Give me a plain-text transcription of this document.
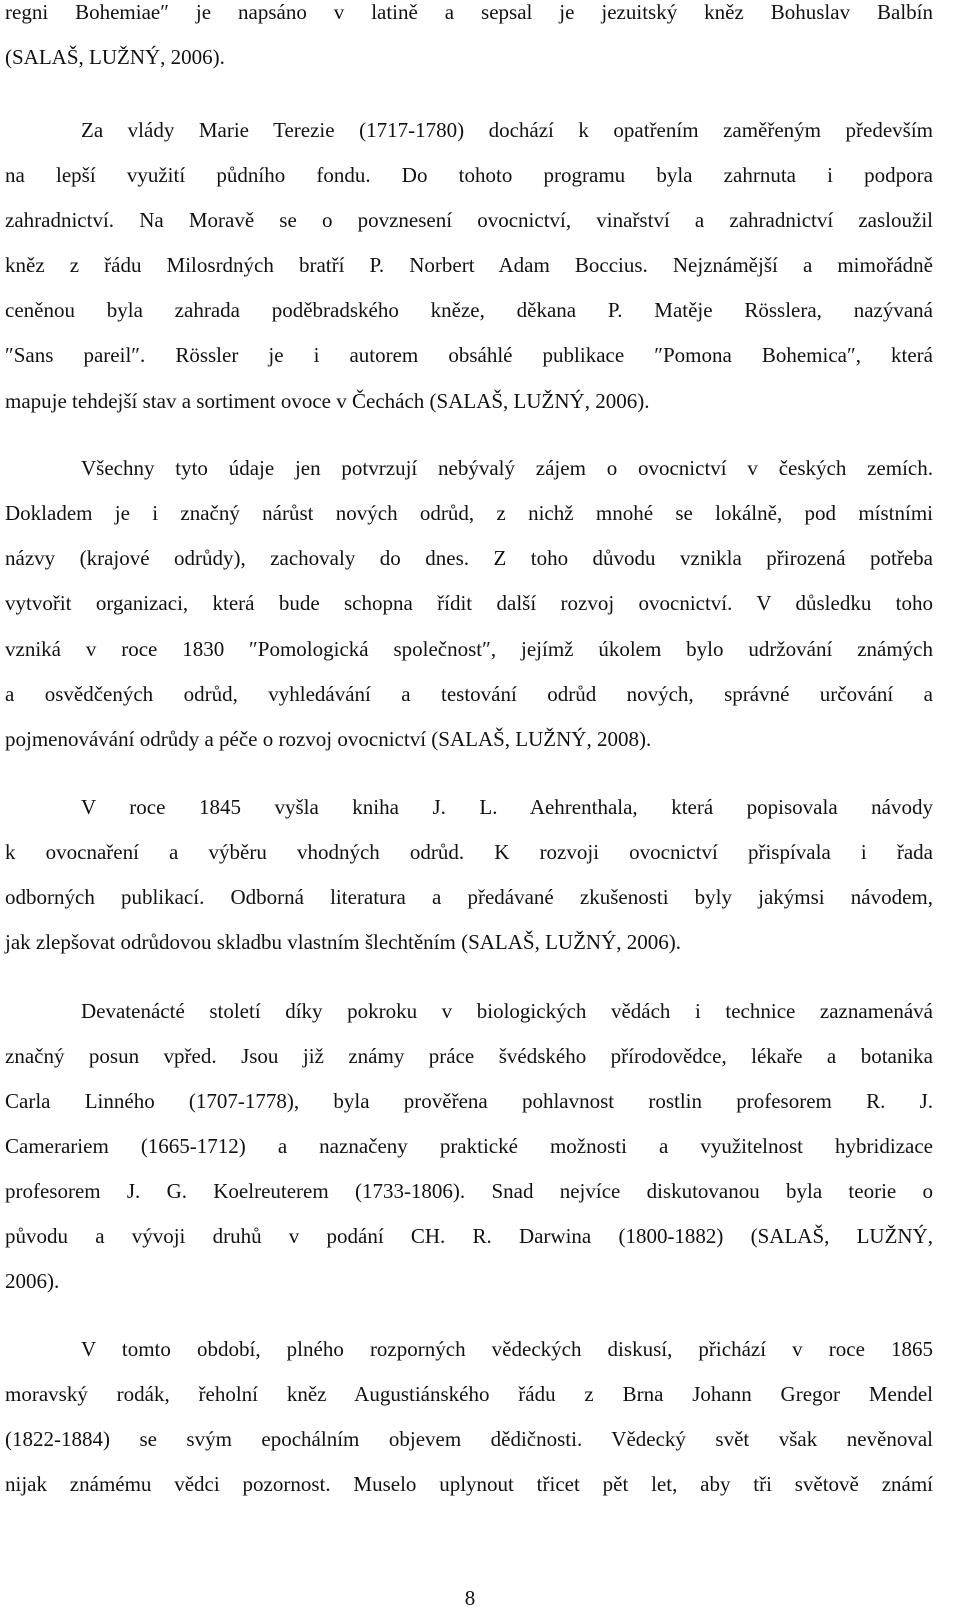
regni Bohemiae″ je napsáno v latině a sepsal je jezuitský kněz Bohuslav Balbín
(SALAŠ, LUŽNÝ, 2006).
Za vlády Marie Terezie (1717-1780) dochází k opatřením zaměřeným především
na lepší využití půdního fondu. Do tohoto programu byla zahrnuta i podpora
zahradnictví. Na Moravě se o povznesení ovocnictví, vinařství a zahradnictví zasloužil
kněz z řádu Milosrdných bratří P. Norbert Adam Boccius. Nejznámější a mimořádně
ceněnou byla zahrada poděbradského kněze, děkana P. Matěje Rösslera, nazývaná
″Sans pareil″. Rössler je i autorem obsáhlé publikace ″Pomona Bohemica″, která
mapuje tehdejší stav a sortiment ovoce v Čechách (SALAŠ, LUŽNÝ, 2006).
Všechny tyto údaje jen potvrzují nebývalý zájem o ovocnictví v českých zemích.
Dokladem je i značný nárůst nových odrůd, z nichž mnohé se lokálně, pod místními
názvy (krajové odrůdy), zachovaly do dnes. Z toho důvodu vznikla přirozená potřeba
vytvořit organizaci, která bude schopna řídit další rozvoj ovocnictví. V důsledku toho
vzniká v roce 1830 ″Pomologická společnost″, jejímž úkolem bylo udržování známých
a osvědčených odrůd, vyhledávání a testování odrůd nových, správné určování a
pojmenovávání odrůdy a péče o rozvoj ovocnictví (SALAŠ, LUŽNÝ, 2008).
V roce 1845 vyšla kniha J. L. Aehrenthala, která popisovala návody
k ovocnaření a výběru vhodných odrůd. K rozvoji ovocnictví přispívala i řada
odborných publikací. Odborná literatura a předávané zkušenosti byly jakýmsi návodem,
jak zlepšovat odrůdovou skladbu vlastním šlechtěním (SALAŠ, LUŽNÝ, 2006).
Devatenácté století díky pokroku v biologických vědách i technice zaznamenává
značný posun vpřed. Jsou již známy práce švédského přírodovědce, lékaře a botanika
Carla Linného (1707-1778), byla prověřena pohlavnost rostlin profesorem R. J.
Camerariem (1665-1712) a naznačeny praktické možnosti a využitelnost hybridizace
profesorem J. G. Koelreuterem (1733-1806). Snad nejvíce diskutovanou byla teorie o
původu a vývoji druhů v podání CH. R. Darwina (1800-1882) (SALAŠ, LUŽNÝ,
2006).
V tomto období, plného rozporných vědeckých diskusí, přichází v roce 1865
moravský rodák, řeholní kněz Augustiánského řádu z Brna Johann Gregor Mendel
(1822-1884) se svým epochálním objevem dědičnosti. Vědecký svět však nevěnoval
nijak známému vědci pozornost. Muselo uplynout třicet pět let, aby tři světově známí
8
